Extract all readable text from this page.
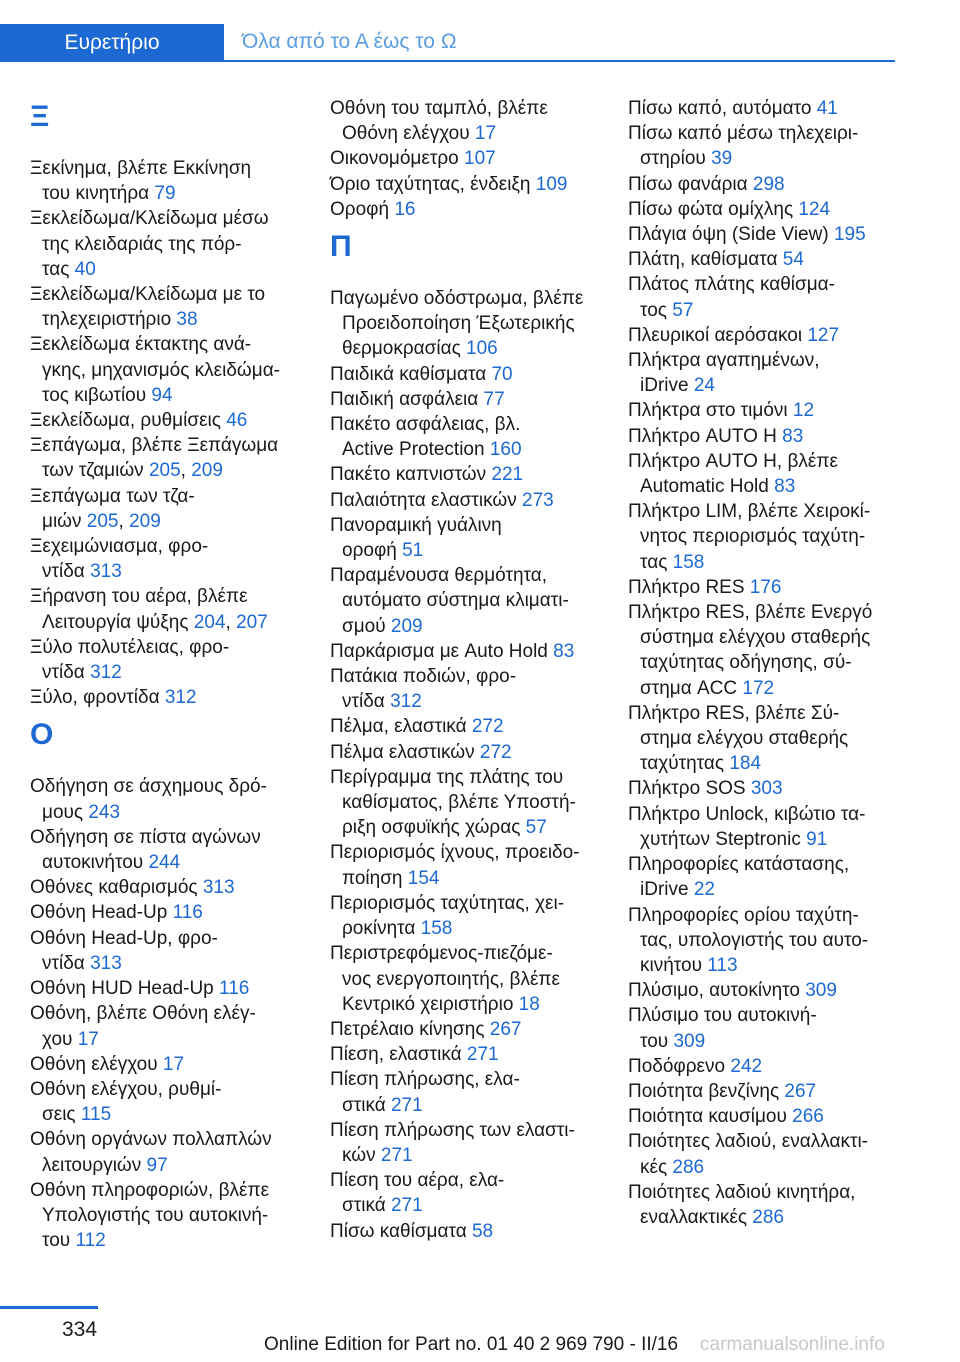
Ευρετήριο	Όλα από το Α έως το Ω
Ξ
Ξεκίνημα, βλέπε Εκκίνηση
του κινητήρα 79
Ξεκλείδωμα/Κλείδωμα μέσω
της κλειδαριάς της πόρ-
τας 40
Ξεκλείδωμα/Κλείδωμα με το
τηλεχειριστήριο 38
Ξεκλείδωμα έκτακτης ανά-
γκης, μηχανισμός κλειδώμα-
τος κιβωτίου 94
Ξεκλείδωμα, ρυθμίσεις 46
Ξεπάγωμα, βλέπε Ξεπάγωμα
των τζαμιών 205, 209
Ξεπάγωμα των τζα-
μιών 205, 209
Ξεχειμώνιασμα, φρο-
ντίδα 313
Ξήρανση του αέρα, βλέπε
Λειτουργία ψύξης 204, 207
Ξύλο πολυτέλειας, φρο-
ντίδα 312
Ξύλο, φροντίδα 312
Ο
Οδήγηση σε άσχημους δρό-
μους 243
Οδήγηση σε πίστα αγώνων
αυτοκινήτου 244
Οθόνες καθαρισμός 313
Οθόνη Head-Up 116
Οθόνη Head-Up, φρο-
ντίδα 313
Οθόνη HUD Head-Up 116
Οθόνη, βλέπε Οθόνη ελέγ-
χου 17
Οθόνη ελέγχου 17
Οθόνη ελέγχου, ρυθμί-
σεις 115
Οθόνη οργάνων πολλαπλών
λειτουργιών 97
Οθόνη πληροφοριών, βλέπε
Υπολογιστής του αυτοκινή-
του 112
Οθόνη του ταμπλό, βλέπε
Οθόνη ελέγχου 17
Οικονομόμετρο 107
Όριο ταχύτητας, ένδειξη 109
Οροφή 16
Π
Παγωμένο οδόστρωμα, βλέπε
Προειδοποίηση Έξωτερικής
θερμοκρασίας 106
Παιδικά καθίσματα 70
Παιδική ασφάλεια 77
Πακέτο ασφάλειας, βλ.
Active Protection 160
Πακέτο καπνιστών 221
Παλαιότητα ελαστικών 273
Πανοραμική γυάλινη
οροφή 51
Παραμένουσα θερμότητα,
αυτόματο σύστημα κλιματι-
σμού 209
Παρκάρισμα με Auto Hold 83
Πατάκια ποδιών, φρο-
ντίδα 312
Πέλμα, ελαστικά 272
Πέλμα ελαστικών 272
Περίγραμμα της πλάτης του
καθίσματος, βλέπε Υποστή-
ριξη οσφυϊκής χώρας 57
Περιορισμός ίχνους, προειδο-
ποίηση 154
Περιορισμός ταχύτητας, χει-
ροκίνητα 158
Περιστρεφόμενος-πιεζόμε-
νος ενεργοποιητής, βλέπε
Κεντρικό χειριστήριο 18
Πετρέλαιο κίνησης 267
Πίεση, ελαστικά 271
Πίεση πλήρωσης, ελα-
στικά 271
Πίεση πλήρωσης των ελαστι-
κών 271
Πίεση του αέρα, ελα-
στικά 271
Πίσω καθίσματα 58
Πίσω καπό, αυτόματο 41
Πίσω καπό μέσω τηλεχειρι-
στηρίου 39
Πίσω φανάρια 298
Πίσω φώτα ομίχλης 124
Πλάγια όψη (Side View) 195
Πλάτη, καθίσματα 54
Πλάτος πλάτης καθίσμα-
τος 57
Πλευρικοί αερόσακοι 127
Πλήκτρα αγαπημένων,
iDrive 24
Πλήκτρα στο τιμόνι 12
Πλήκτρο AUTO H 83
Πλήκτρο AUTO H, βλέπε
Automatic Hold 83
Πλήκτρο LIM, βλέπε Χειροκί-
νητος περιορισμός ταχύτη-
τας 158
Πλήκτρο RES 176
Πλήκτρο RES, βλέπε Ενεργό
σύστημα ελέγχου σταθερής
ταχύτητας οδήγησης, σύ-
στημα ACC 172
Πλήκτρο RES, βλέπε Σύ-
στημα ελέγχου σταθερής
ταχύτητας 184
Πλήκτρο SOS 303
Πλήκτρο Unlock, κιβώτιο τα-
χυτήτων Steptronic 91
Πληροφορίες κατάστασης,
iDrive 22
Πληροφορίες ορίου ταχύτη-
τας, υπολογιστής του αυτο-
κινήτου 113
Πλύσιμο, αυτοκίνητο 309
Πλύσιμο του αυτοκινή-
του 309
Ποδόφρενο 242
Ποιότητα βενζίνης 267
Ποιότητα καυσίμου 266
Ποιότητες λαδιού, εναλλακτι-
κές 286
Ποιότητες λαδιού κινητήρα,
εναλλακτικές 286
334
Online Edition for Part no. 01 40 2 969 790 - II/16 carmanualsonline.info
